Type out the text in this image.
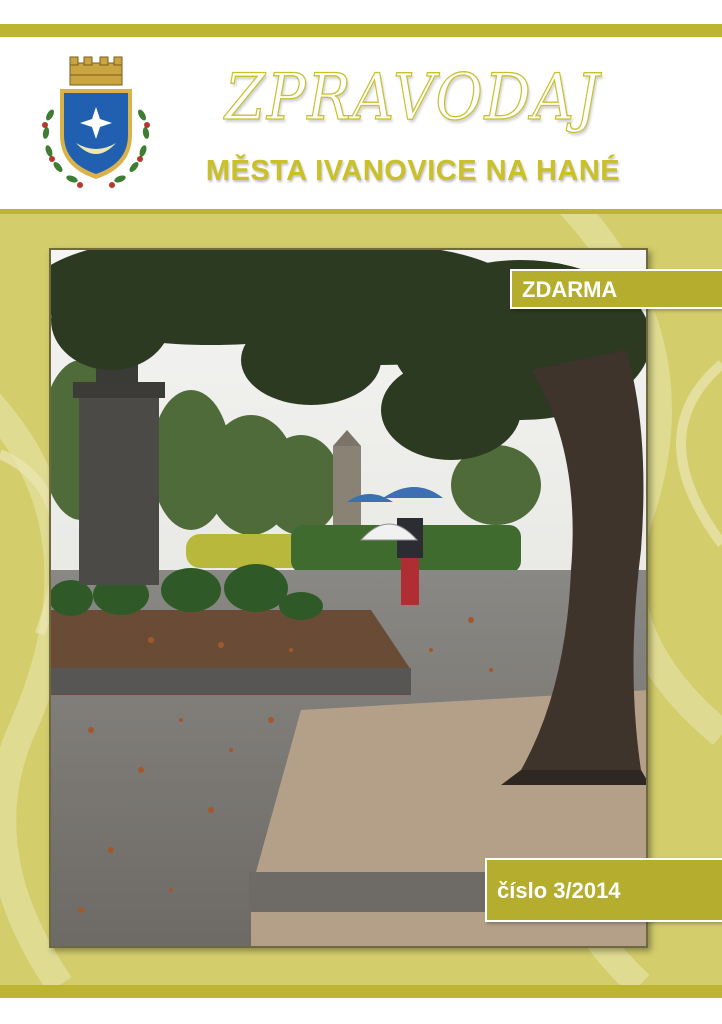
ZPRAVODAJ
MĚSTA IVANOVICE NA HANÉ
ZDARMA
číslo 3/2014
